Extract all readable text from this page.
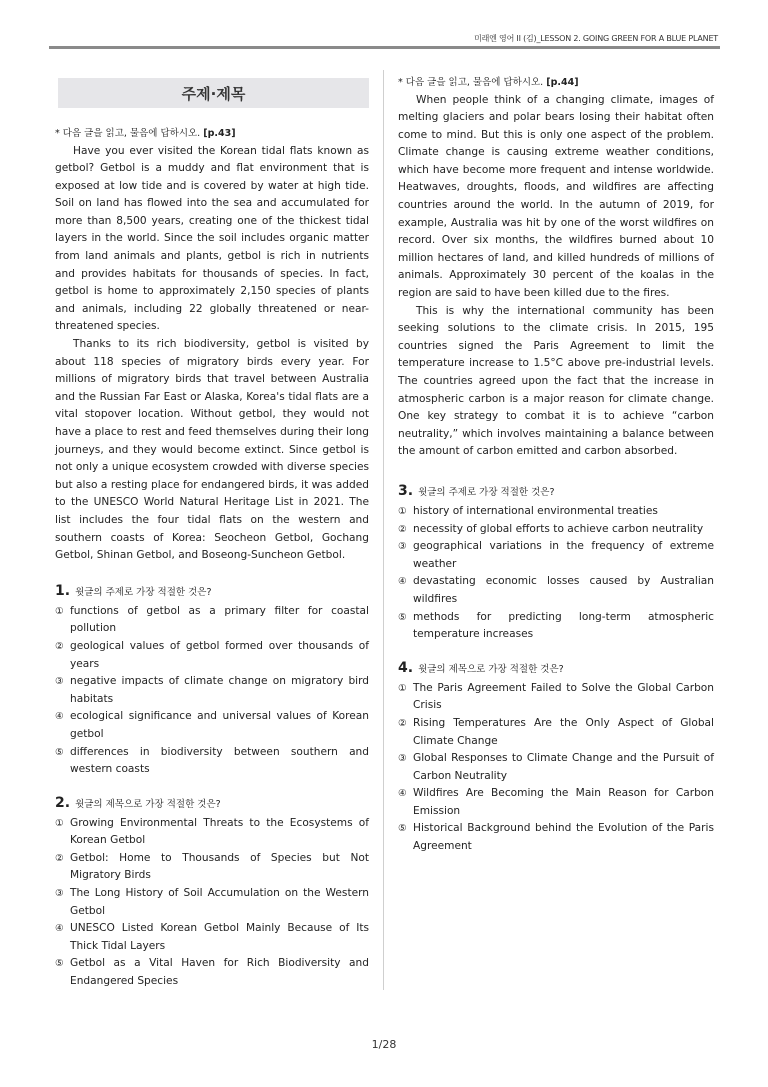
미래엔 영어 II (김)_LESSON 2. GOING GREEN FOR A BLUE PLANET
주제·제목

* 다음 글을 읽고, 물음에 답하시오. [p.43]

Have you ever visited the Korean tidal flats known as getbol? Getbol is a muddy and flat environment that is exposed at low tide and is covered by water at high tide. Soil on land has flowed into the sea and accumulated for more than 8,500 years, creating one of the thickest tidal layers in the world. Since the soil includes organic matter from land animals and plants, getbol is rich in nutrients and provides habitats for thousands of species. In fact, getbol is home to approximately 2,150 species of plants and animals, including 22 globally threatened or near-threatened species.

Thanks to its rich biodiversity, getbol is visited by about 118 species of migratory birds every year. For millions of migratory birds that travel between Australia and the Russian Far East or Alaska, Korea's tidal flats are a vital stopover location. Without getbol, they would not have a place to rest and feed themselves during their long journeys, and they would become extinct. Since getbol is not only a unique ecosystem crowded with diverse species but also a resting place for endangered birds, it was added to the UNESCO World Natural Heritage List in 2021. The list includes the four tidal flats on the western and southern coasts of Korea: Seocheon Getbol, Gochang Getbol, Shinan Getbol, and Boseong-Suncheon Getbol.

1. 윗글의 주제로 가장 적절한 것은?
① functions of getbol as a primary filter for coastal pollution
② geological values of getbol formed over thousands of years
③ negative impacts of climate change on migratory bird habitats
④ ecological significance and universal values of Korean getbol
⑤ differences in biodiversity between southern and western coasts
2. 윗글의 제목으로 가장 적절한 것은?
① Growing Environmental Threats to the Ecosystems of Korean Getbol
② Getbol: Home to Thousands of Species but Not Migratory Birds
③ The Long History of Soil Accumulation on the Western Getbol
④ UNESCO Listed Korean Getbol Mainly Because of Its Thick Tidal Layers
⑤ Getbol as a Vital Haven for Rich Biodiversity and Endangered Species

* 다음 글을 읽고, 물음에 답하시오. [p.44]

When people think of a changing climate, images of melting glaciers and polar bears losing their habitat often come to mind. But this is only one aspect of the problem. Climate change is causing extreme weather conditions, which have become more frequent and intense worldwide. Heatwaves, droughts, floods, and wildfires are affecting countries around the world. In the autumn of 2019, for example, Australia was hit by one of the worst wildfires on record. Over six months, the wildfires burned about 10 million hectares of land, and killed hundreds of millions of animals. Approximately 30 percent of the koalas in the region are said to have been killed due to the fires.

This is why the international community has been seeking solutions to the climate crisis. In 2015, 195 countries signed the Paris Agreement to limit the temperature increase to 1.5°C above pre-industrial levels. The countries agreed upon the fact that the increase in atmospheric carbon is a major reason for climate change. One key strategy to combat it is to achieve “carbon neutrality,” which involves maintaining a balance between the amount of carbon emitted and carbon absorbed.

3. 윗글의 주제로 가장 적절한 것은?
① history of international environmental treaties
② necessity of global efforts to achieve carbon neutrality
③ geographical variations in the frequency of extreme weather
④ devastating economic losses caused by Australian wildfires
⑤ methods for predicting long-term atmospheric temperature increases
4. 윗글의 제목으로 가장 적절한 것은?
① The Paris Agreement Failed to Solve the Global Carbon Crisis
② Rising Temperatures Are the Only Aspect of Global Climate Change
③ Global Responses to Climate Change and the Pursuit of Carbon Neutrality
④ Wildfires Are Becoming the Main Reason for Carbon Emission
⑤ Historical Background behind the Evolution of the Paris Agreement
1/28
